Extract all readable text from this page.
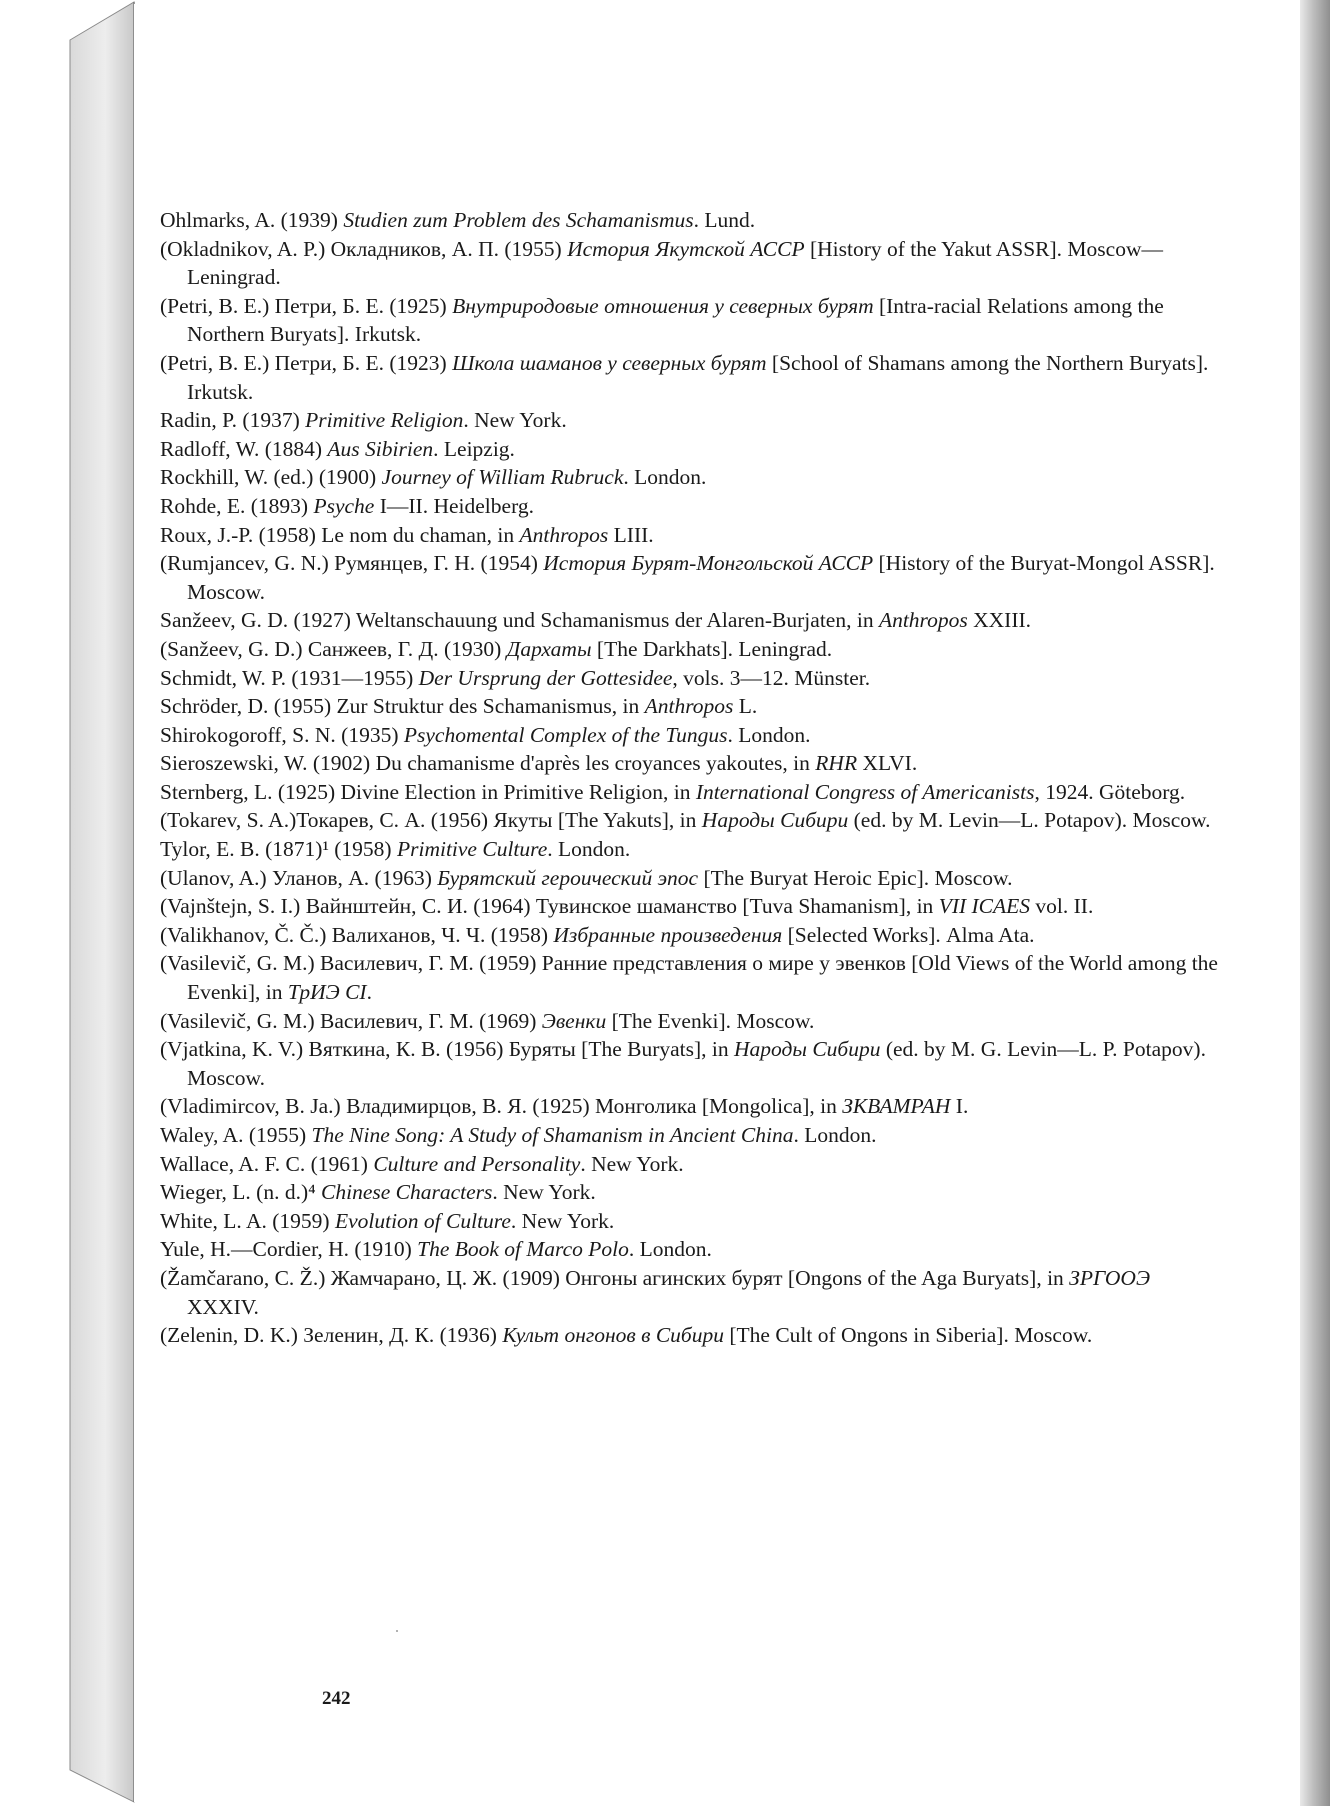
Ohlmarks, A. (1939) Studien zum Problem des Schamanismus. Lund.

(Okladnikov, A. P.) Окладников, А. П. (1955) История Якутской АССР [History of the Yakut ASSR]. Moscow—Leningrad.

(Petri, B. E.) Петри, Б. Е. (1925) Внутриродовые отношения у северных бурят [Intra-racial Relations among the Northern Buryats]. Irkutsk.

(Petri, B. E.) Петри, Б. Е. (1923) Школа шаманов у северных бурят [School of Shamans among the Northern Buryats]. Irkutsk.

Radin, P. (1937) Primitive Religion. New York.

Radloff, W. (1884) Aus Sibirien. Leipzig.

Rockhill, W. (ed.) (1900) Journey of William Rubruck. London.

Rohde, E. (1893) Psyche I—II. Heidelberg.

Roux, J.-P. (1958) Le nom du chaman, in Anthropos LIII.

(Rumjancev, G. N.) Румянцев, Г. Н. (1954) История Бурят-Монгольской АССР [History of the Buryat-Mongol ASSR]. Moscow.

Sanžeev, G. D. (1927) Weltanschauung und Schamanismus der Alaren-Burjaten, in Anthropos XXIII.

(Sanžeev, G. D.) Санжеев, Г. Д. (1930) Дархаты [The Darkhats]. Leningrad.

Schmidt, W. P. (1931—1955) Der Ursprung der Gottesidee, vols. 3—12. Münster.

Schröder, D. (1955) Zur Struktur des Schamanismus, in Anthropos L.

Shirokogoroff, S. N. (1935) Psychomental Complex of the Tungus. London.

Sieroszewski, W. (1902) Du chamanisme d'après les croyances yakoutes, in RHR XLVI.

Sternberg, L. (1925) Divine Election in Primitive Religion, in International Congress of Americanists, 1924. Göteborg.

(Tokarev, S. A.)Токарев, С. А. (1956) Якуты [The Yakuts], in Народы Сибири (ed. by M. Levin—L. Potapov). Moscow.

Tylor, E. B. (1871)¹ (1958) Primitive Culture. London.

(Ulanov, A.) Уланов, А. (1963) Бурятский героический эпос [The Buryat Heroic Epic]. Moscow.

(Vajnštejn, S. I.) Вайнштейн, С. И. (1964) Тувинское шаманство [Tuva Shamanism], in VII ICAES vol. II.

(Valikhanov, Č. Č.) Валиханов, Ч. Ч. (1958) Избранные произведения [Selected Works]. Alma Ata.

(Vasilevič, G. M.) Василевич, Г. М. (1959) Ранние представления о мире у эвенков [Old Views of the World among the Evenki], in ТрИЭ CI.

(Vasilevič, G. M.) Василевич, Г. М. (1969) Эвенки [The Evenki]. Moscow.

(Vjatkina, K. V.) Вяткина, К. В. (1956) Буряты [The Buryats], in Народы Сибири (ed. by M. G. Levin—L. P. Potapov). Moscow.

(Vladimircov, B. Ja.) Владимирцов, В. Я. (1925) Монголика [Mongolica], in ЗКВАМРАН I.

Waley, A. (1955) The Nine Song: A Study of Shamanism in Ancient China. London.

Wallace, A. F. C. (1961) Culture and Personality. New York.

Wieger, L. (n. d.)⁴ Chinese Characters. New York.

White, L. A. (1959) Evolution of Culture. New York.

Yule, H.—Cordier, H. (1910) The Book of Marco Polo. London.

(Žamčarano, C. Ž.) Жамчарано, Ц. Ж. (1909) Онгоны агинских бурят [Ongons of the Aga Buryats], in ЗРГООЭ XXXIV.

(Zelenin, D. K.) Зеленин, Д. К. (1936) Культ онгонов в Сибири [The Cult of Ongons in Siberia]. Moscow.

242
